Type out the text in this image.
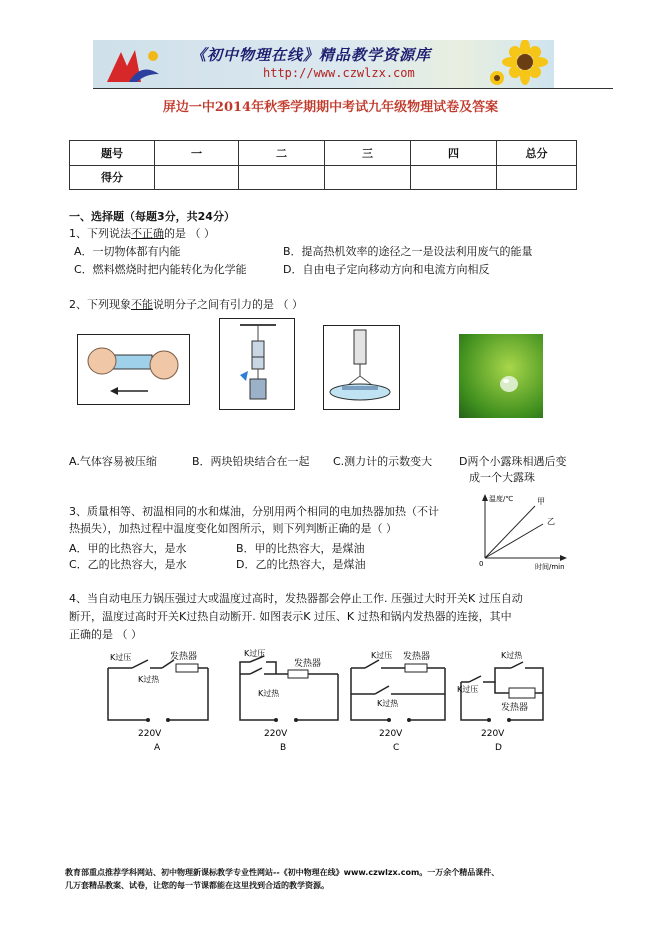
《初中物理在线》精品教学资源库
http://www.czwlzx.com
屏边一中2014年秋季学期期中考试九年级物理试卷及答案
题号	一	二	三	四	总分
得分					
一、选择题（每题3分，共24分）
1、下列说法不正确的是 （ ）
A．一切物体都有内能	B．提高热机效率的途径之一是设法利用废气的能量
C．燃料燃烧时把内能转化为化学能	D．自由电子定向移动方向和电流方向相反
2、下列现象不能说明分子之间有引力的是 （ ）
A.气体容易被压缩	B．两块铅块结合在一起 C.测力计的示数变大 D两个小露珠相遇后变
成一个大露珠
3、质量相等、初温相同的水和煤油，分别用两个相同的电加热器加热（不计
热损失），加热过程中温度变化如图所示，则下列判断正确的是（ ）
A．甲的比热容大，是水	B．甲的比热容大，是煤油
C．乙的比热容大，是水	D．乙的比热容大，是煤油
温度/℃
时间/min
0
甲
乙
4、当自动电压力锅压强过大或温度过高时，发热器都会停止工作. 压强过大时开关K 过压自动
断开，温度过高时开关K过热自动断开. 如图表示K 过压、K 过热和锅内发热器的连接，其中
正确的是 （ ）
K过压
K过热
发热器
220V
A
K过压
K过热
发热器
220V
B
K过压
K过热
发热器
220V
C
K过压
K过热
发热器
220V
D
教育部重点推荐学科网站、初中物理新课标教学专业性网站--《初中物理在线》www.czwlzx.com。一万余个精品课件、
几万套精品教案、试卷，让您的每一节课都能在这里找到合适的教学资源。
